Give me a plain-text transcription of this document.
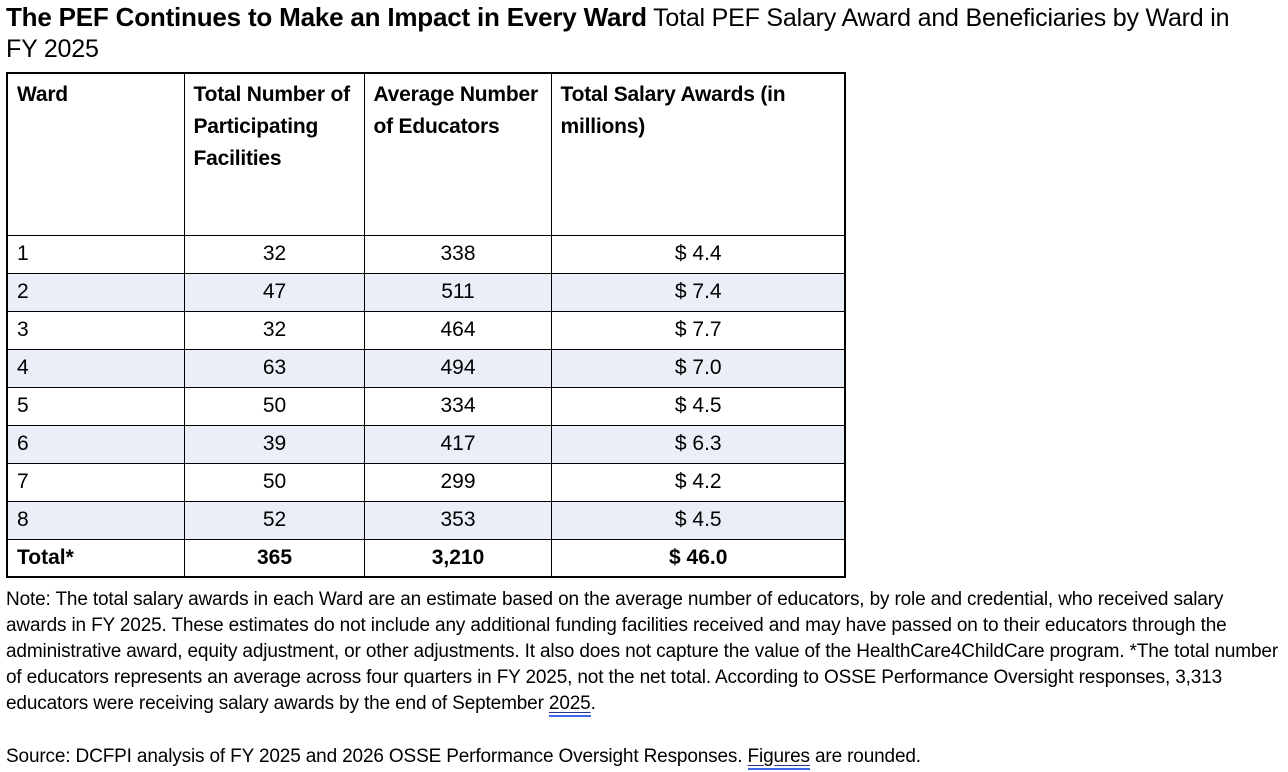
The PEF Continues to Make an Impact in Every Ward Total PEF Salary Award and Beneficiaries by Ward in FY 2025
Ward	Total Number of Participating Facilities	Average Number of Educators	Total Salary Awards (in millions)
1	32	338	$ 4.4
2	47	511	$ 7.4
3	32	464	$ 7.7
4	63	494	$ 7.0
5	50	334	$ 4.5
6	39	417	$ 6.3
7	50	299	$ 4.2
8	52	353	$ 4.5
Total*	365	3,210	$ 46.0
Note: The total salary awards in each Ward are an estimate based on the average number of educators, by role and credential, who received salary awards in FY 2025. These estimates do not include any additional funding facilities received and may have passed on to their educators through the administrative award, equity adjustment, or other adjustments. It also does not capture the value of the HealthCare4ChildCare program. *The total number of educators represents an average across four quarters in FY 2025, not the net total. According to OSSE Performance Oversight responses, 3,313 educators were receiving salary awards by the end of September 2025.
Source: DCFPI analysis of FY 2025 and 2026 OSSE Performance Oversight Responses. Figures are rounded.
